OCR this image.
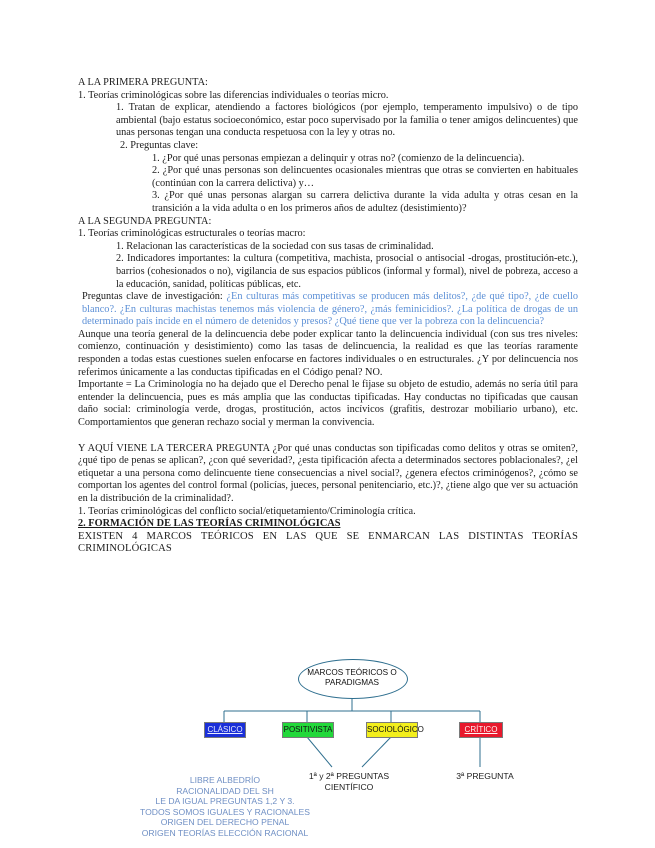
A LA PRIMERA PREGUNTA:

1. Teorías criminológicas sobre las diferencias individuales o teorías micro.

1. Tratan de explicar, atendiendo a factores biológicos (por ejemplo, temperamento impulsivo) o de tipo ambiental (bajo estatus socioeconómico, estar poco supervisado por la familia o tener amigos delincuentes) que unas personas tengan una conducta respetuosa con la ley y otras no.

2. Preguntas clave:

1. ¿Por qué unas personas empiezan a delinquir y otras no? (comienzo de la delincuencia).

2. ¿Por qué unas personas son delincuentes ocasionales mientras que otras se convierten en habituales (continúan con la carrera delictiva) y…

3. ¿Por qué unas personas alargan su carrera delictiva durante la vida adulta y otras cesan en la transición a la vida adulta o en los primeros años de adultez (desistimiento)?

A LA SEGUNDA PREGUNTA:

1. Teorías criminológicas estructurales o teorías macro:

1. Relacionan las características de la sociedad con sus tasas de criminalidad.

2. Indicadores importantes: la cultura (competitiva, machista, prosocial o antisocial -drogas, prostitución-etc.), barrios (cohesionados o no), vigilancia de sus espacios públicos (informal y formal), nivel de pobreza, acceso a la educación, sanidad, políticas públicas, etc.

Preguntas clave de investigación: ¿En culturas más competitivas se producen más delitos?, ¿de qué tipo?, ¿de cuello blanco?. ¿En culturas machistas tenemos más violencia de género?, ¿más feminicidios?. ¿La política de drogas de un determinado país incide en el número de detenidos y presos? ¿Qué tiene que ver la pobreza con la delincuencia?

Aunque una teoría general de la delincuencia debe poder explicar tanto la delincuencia individual (con sus tres niveles: comienzo, continuación y desistimiento) como las tasas de delincuencia, la realidad es que las teorías raramente responden a todas estas cuestiones suelen enfocarse en factores individuales o en estructurales. ¿Y por delincuencia nos referimos únicamente a las conductas tipificadas en el Código penal? NO.

Importante = La Criminología no ha dejado que el Derecho penal le fijase su objeto de estudio, además no sería útil para entender la delincuencia, pues es más amplia que las conductas tipificadas. Hay conductas no tipificadas que causan daño social: criminología verde, drogas, prostitución, actos incívicos (grafitis, destrozar mobiliario urbano), etc. Comportamientos que generan rechazo social y merman la convivencia.

Y AQUÍ VIENE LA TERCERA PREGUNTA ¿Por qué unas conductas son tipificadas como delitos y otras se omiten?, ¿qué tipo de penas se aplican?, ¿con qué severidad?, ¿esta tipificación afecta a determinados sectores poblacionales?, ¿el etiquetar a una persona como delincuente tiene consecuencias a nivel social?, ¿genera efectos criminógenos?, ¿cómo se comportan los agentes del control formal (policías, jueces, personal penitenciario, etc.)?, ¿tiene algo que ver su actuación en la distribución de la criminalidad?.

1. Teorías criminológicas del conflicto social/etiquetamiento/Criminología crítica.

2. FORMACIÓN DE LAS TEORÍAS CRIMINOLÓGICAS

EXISTEN 4 MARCOS TEÓRICOS EN LAS QUE SE ENMARCAN LAS DISTINTAS TEORÍAS CRIMINOLÓGICAS

MARCOS TEÓRICOS O
PARADIGMAS
CLÁSICO	POSITIVISTA	SOCIOLÓGICO	CRÍTICO
LIBRE ALBEDRÍO
RACIONALIDAD DEL SH
LE DA IGUAL PREGUNTAS 1,2 Y 3.
TODOS SOMOS IGUALES Y RACIONALES
ORIGEN DEL DERECHO PENAL
ORIGEN TEORÍAS ELECCIÓN RACIONAL
1ª y 2ª PREGUNTAS
CIENTÍFICO
3ª PREGUNTA
